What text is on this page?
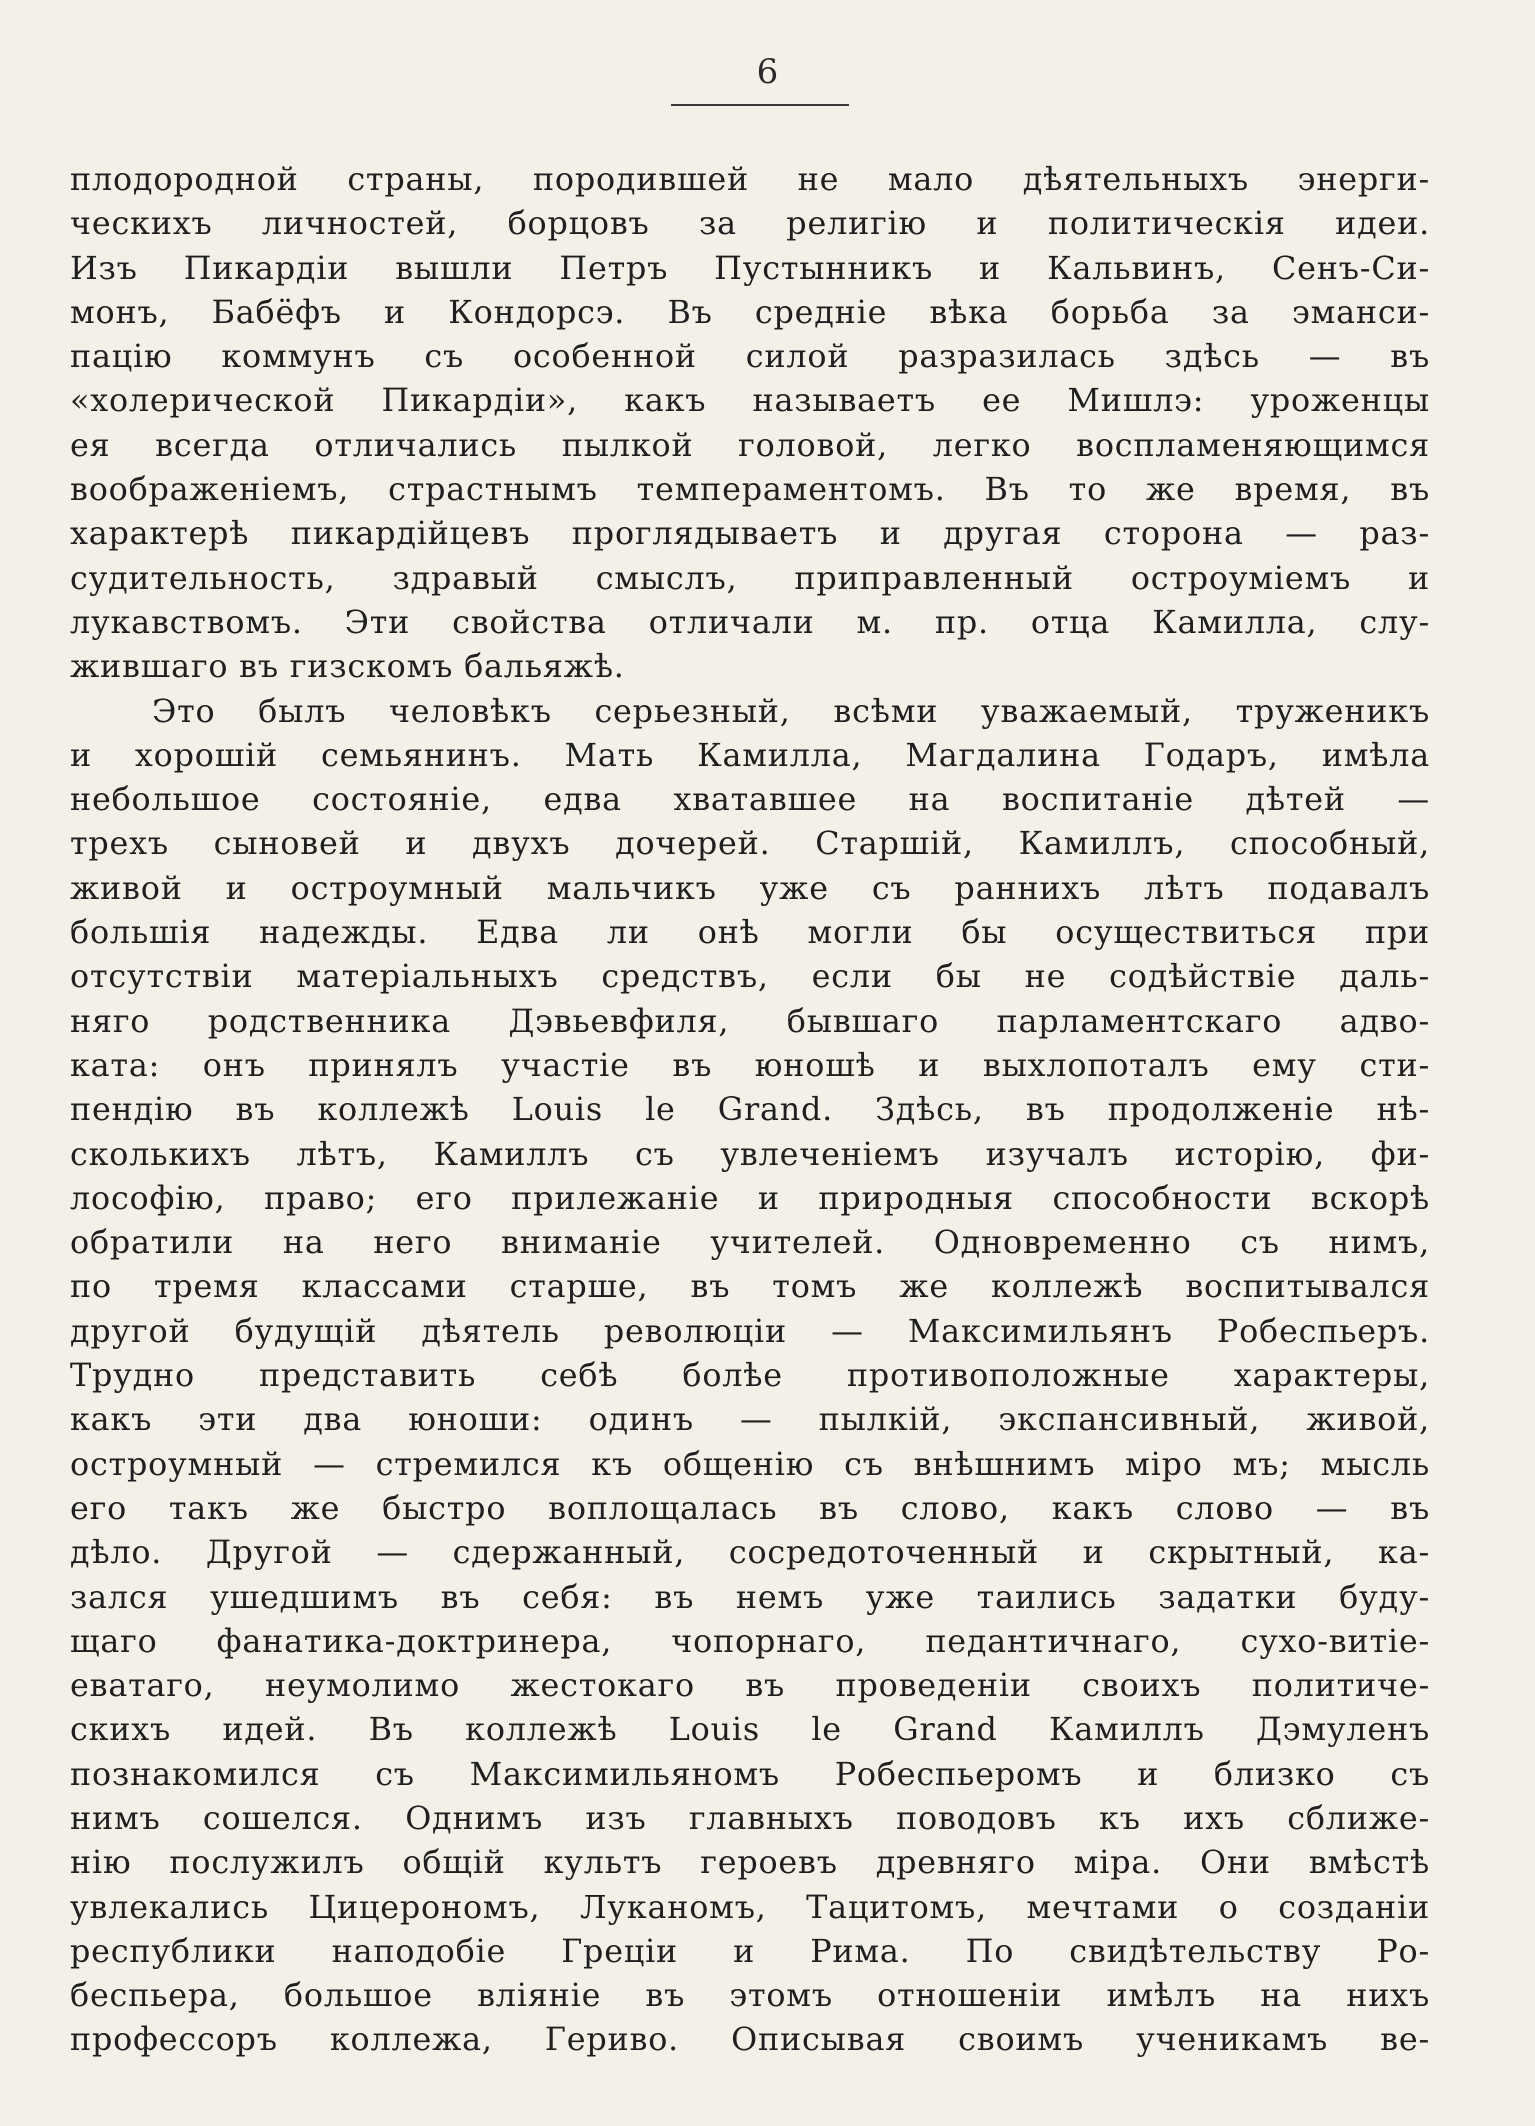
6
плодородной страны, породившей не мало дѣятельныхъ энерги-
ческихъ личностей, борцовъ за религію и политическія идеи.
Изъ Пикардіи вышли Петръ Пустынникъ и Кальвинъ, Сенъ-Си-
монъ, Бабёфъ и Кондорсэ. Въ средніе вѣка борьба за эманси-
пацію коммунъ съ особенной силой разразилась здѣсь — въ
«холерической Пикардіи», какъ называетъ ее Мишлэ: уроженцы
ея всегда отличались пылкой головой, легко воспламеняющимся
воображеніемъ, страстнымъ темпераментомъ. Въ то же время, въ
характерѣ пикардійцевъ проглядываетъ и другая сторона — раз-
судительность, здравый смыслъ, приправленный остроуміемъ и
лукавствомъ. Эти свойства отличали м. пр. отца Камилла, слу-
жившаго въ гизскомъ бальяжѣ.
Это былъ человѣкъ серьезный, всѣми уважаемый, труженикъ
и хорошій семьянинъ. Мать Камилла, Магдалина Годаръ, имѣла
небольшое состояніе, едва хватавшее на воспитаніе дѣтей —
трехъ сыновей и двухъ дочерей. Старшій, Камиллъ, способный,
живой и остроумный мальчикъ уже съ раннихъ лѣтъ подавалъ
большія надежды. Едва ли онѣ могли бы осуществиться при
отсутствіи матеріальныхъ средствъ, если бы не содѣйствіе даль-
няго родственника Дэвьевфиля, бывшаго парламентскаго адво-
ката: онъ принялъ участіе въ юношѣ и выхлопоталъ ему сти-
пендію въ коллежѣ Louis le Grand. Здѣсь, въ продолженіе нѣ-
сколькихъ лѣтъ, Камиллъ съ увлеченіемъ изучалъ исторію, фи-
лософію, право; его прилежаніе и природныя способности вскорѣ
обратили на него вниманіе учителей. Одновременно съ нимъ,
по тремя классами старше, въ томъ же коллежѣ воспитывался
другой будущій дѣятель революціи — Максимильянъ Робеспьеръ.
Трудно представить себѣ болѣе противоположные характеры,
какъ эти два юноши: одинъ — пылкій, экспансивный, живой,
остроумный — стремился къ общенію съ внѣшнимъ міро мъ; мысль
его такъ же быстро воплощалась въ слово, какъ слово — въ
дѣло. Другой — сдержанный, сосредоточенный и скрытный, ка-
зался ушедшимъ въ себя: въ немъ уже таились задатки буду-
щаго фанатика-доктринера, чопорнаго, педантичнаго, сухо-витіе-
еватаго, неумолимо жестокаго въ проведеніи своихъ политиче-
скихъ идей. Въ коллежѣ Louis le Grand Камиллъ Дэмуленъ
познакомился съ Максимильяномъ Робеспьеромъ и близко съ
нимъ сошелся. Однимъ изъ главныхъ поводовъ къ ихъ сближе-
нію послужилъ общій культъ героевъ древняго міра. Они вмѣстѣ
увлекались Цицерономъ, Луканомъ, Тацитомъ, мечтами о созданіи
республики наподобіе Греціи и Рима. По свидѣтельству Ро-
беспьера, большое вліяніе въ этомъ отношеніи имѣлъ на нихъ
профессоръ коллежа, Гериво. Описывая своимъ ученикамъ ве-
